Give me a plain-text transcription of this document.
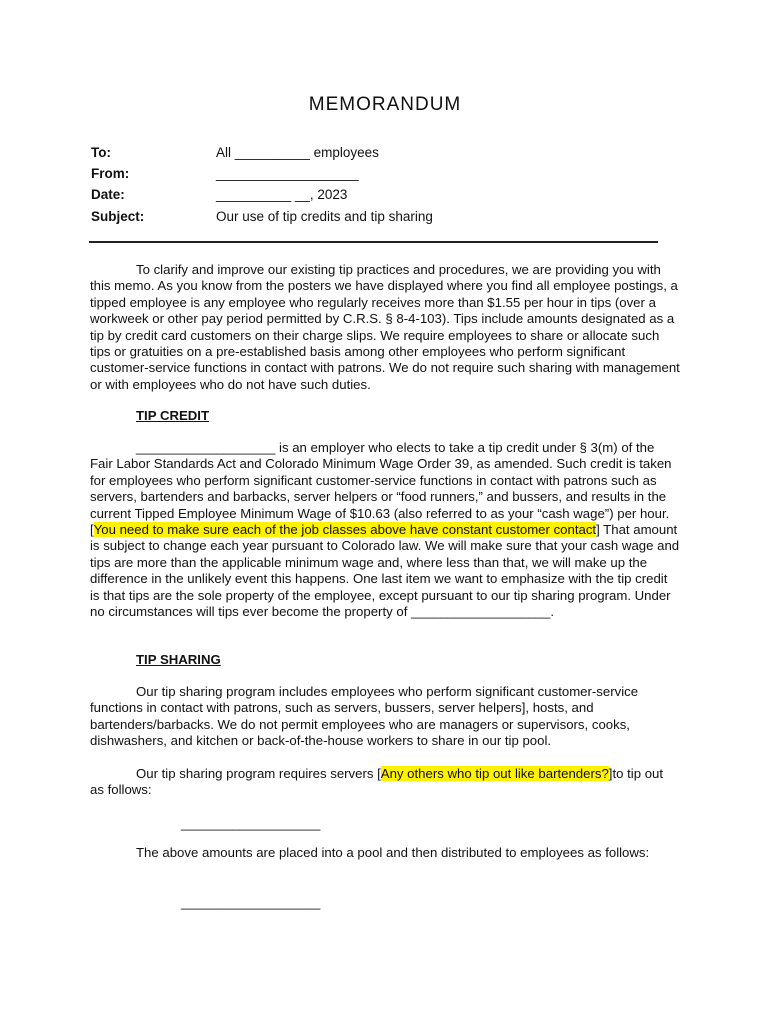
MEMORANDUM
To:	All __________ employees
From:	___________________
Date:	__________ __, 2023
Subject:	Our use of tip credits and tip sharing
To clarify and improve our existing tip practices and procedures, we are providing you with this memo. As you know from the posters we have displayed where you find all employee postings, a tipped employee is any employee who regularly receives more than $1.55 per hour in tips (over a workweek or other pay period permitted by C.R.S. § 8-4-103). Tips include amounts designated as a tip by credit card customers on their charge slips. We require employees to share or allocate such tips or gratuities on a pre-established basis among other employees who perform significant customer-service functions in contact with patrons. We do not require such sharing with management or with employees who do not have such duties.
TIP CREDIT
___________________ is an employer who elects to take a tip credit under § 3(m) of the Fair Labor Standards Act and Colorado Minimum Wage Order 39, as amended. Such credit is taken for employees who perform significant customer-service functions in contact with patrons such as servers, bartenders and barbacks, server helpers or “food runners,” and bussers, and results in the current Tipped Employee Minimum Wage of $10.63 (also referred to as your “cash wage”) per hour. [You need to make sure each of the job classes above have constant customer contact] That amount is subject to change each year pursuant to Colorado law. We will make sure that your cash wage and tips are more than the applicable minimum wage and, where less than that, we will make up the difference in the unlikely event this happens. One last item we want to emphasize with the tip credit is that tips are the sole property of the employee, except pursuant to our tip sharing program. Under no circumstances will tips ever become the property of ___________________.
TIP SHARING
Our tip sharing program includes employees who perform significant customer-service functions in contact with patrons, such as servers, bussers, server helpers], hosts, and bartenders/barbacks. We do not permit employees who are managers or supervisors, cooks, dishwashers, and kitchen or back-of-the-house workers to share in our tip pool.
Our tip sharing program requires servers [Any others who tip out like bartenders?]to tip out as follows:
___________________
The above amounts are placed into a pool and then distributed to employees as follows:
___________________
